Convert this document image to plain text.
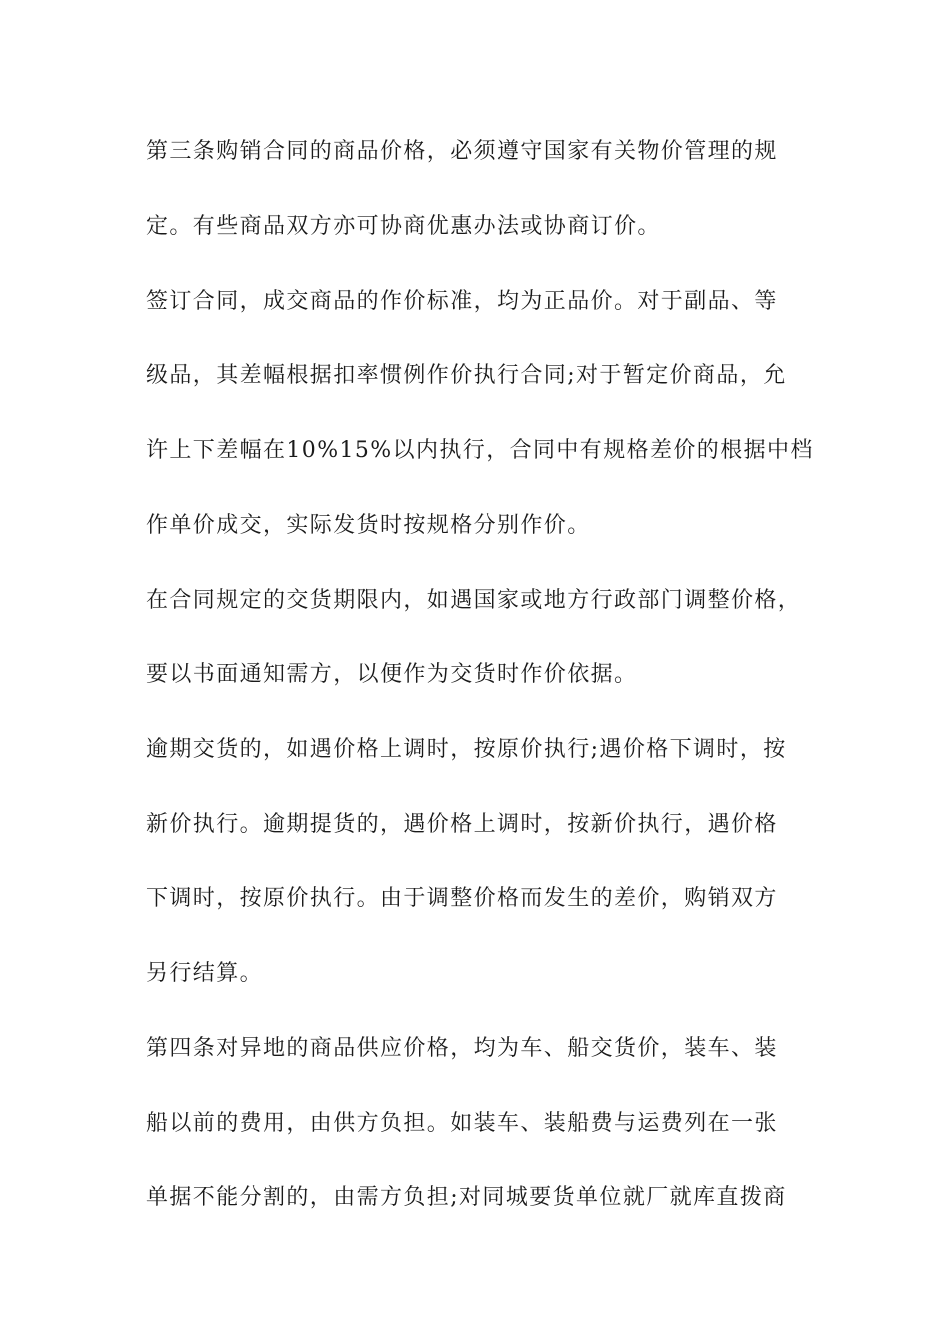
第三条购销合同的商品价格，必须遵守国家有关物价管理的规
定。有些商品双方亦可协商优惠办法或协商订价。
签订合同，成交商品的作价标准，均为正品价。对于副品、等
级品，其差幅根据扣率惯例作价执行合同;对于暂定价商品，允
许上下差幅在10%15%以内执行，合同中有规格差价的根据中档
作单价成交，实际发货时按规格分别作价。
在合同规定的交货期限内，如遇国家或地方行政部门调整价格，
要以书面通知需方，以便作为交货时作价依据。
逾期交货的，如遇价格上调时，按原价执行;遇价格下调时，按
新价执行。逾期提货的，遇价格上调时，按新价执行，遇价格
下调时，按原价执行。由于调整价格而发生的差价，购销双方
另行结算。
第四条对异地的商品供应价格，均为车、船交货价，装车、装
船以前的费用，由供方负担。如装车、装船费与运费列在一张
单据不能分割的，由需方负担;对同城要货单位就厂就库直拨商
